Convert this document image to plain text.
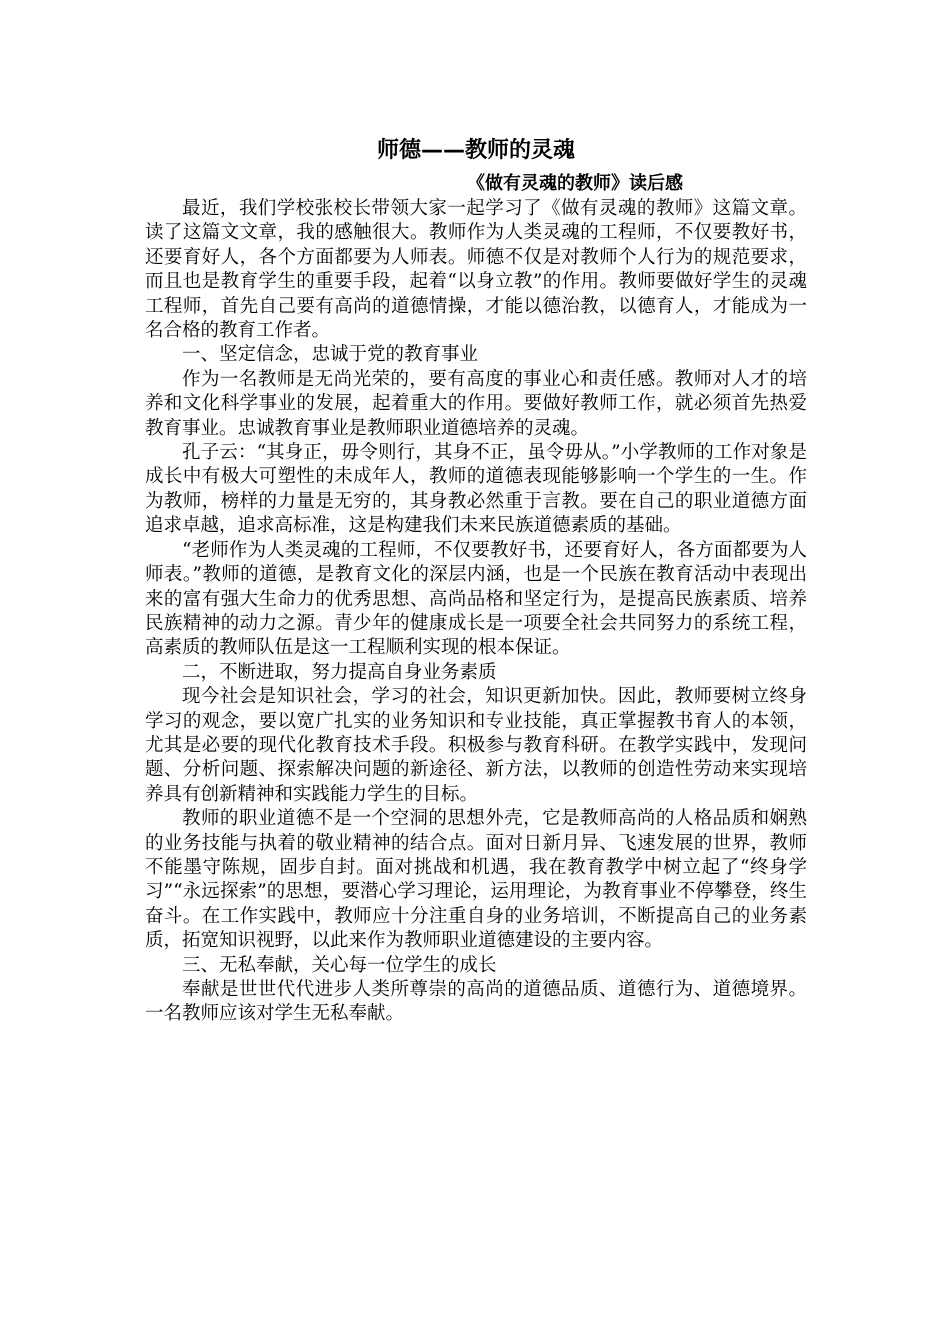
师德——教师的灵魂
《做有灵魂的教师》读后感

最近，我们学校张校长带领大家一起学习了《做有灵魂的教师》这篇文章。读了这篇文文章，我的感触很大。教师作为人类灵魂的工程师，不仅要教好书，还要育好人，各个方面都要为人师表。师德不仅是对教师个人行为的规范要求，而且也是教育学生的重要手段，起着“以身立教”的作用。教师要做好学生的灵魂工程师，首先自己要有高尚的道德情操，才能以德治教，以德育人，才能成为一名合格的教育工作者。

一、坚定信念，忠诚于党的教育事业

作为一名教师是无尚光荣的，要有高度的事业心和责任感。教师对人才的培养和文化科学事业的发展，起着重大的作用。要做好教师工作，就必须首先热爱教育事业。忠诚教育事业是教师职业道德培养的灵魂。

孔子云：“其身正，毋令则行，其身不正，虽令毋从。”小学教师的工作对象是成长中有极大可塑性的未成年人，教师的道德表现能够影响一个学生的一生。作为教师，榜样的力量是无穷的，其身教必然重于言教。要在自己的职业道德方面追求卓越，追求高标准，这是构建我们未来民族道德素质的基础。

“老师作为人类灵魂的工程师，不仅要教好书，还要育好人，各方面都要为人师表。”教师的道德，是教育文化的深层内涵，也是一个民族在教育活动中表现出来的富有强大生命力的优秀思想、高尚品格和坚定行为，是提高民族素质、培养民族精神的动力之源。青少年的健康成长是一项要全社会共同努力的系统工程，高素质的教师队伍是这一工程顺利实现的根本保证。

二，不断进取，努力提高自身业务素质

现今社会是知识社会，学习的社会，知识更新加快。因此，教师要树立终身学习的观念，要以宽广扎实的业务知识和专业技能，真正掌握教书育人的本领，尤其是必要的现代化教育技术手段。积极参与教育科研。在教学实践中，发现问题、分析问题、探索解决问题的新途径、新方法，以教师的创造性劳动来实现培养具有创新精神和实践能力学生的目标。

教师的职业道德不是一个空洞的思想外壳，它是教师高尚的人格品质和娴熟的业务技能与执着的敬业精神的结合点。面对日新月异、飞速发展的世界，教师不能墨守陈规，固步自封。面对挑战和机遇，我在教育教学中树立起了“终身学习”“永远探索”的思想，要潜心学习理论，运用理论，为教育事业不停攀登，终生奋斗。在工作实践中，教师应十分注重自身的业务培训，不断提高自己的业务素质，拓宽知识视野，以此来作为教师职业道德建设的主要内容。

三、无私奉献，关心每一位学生的成长

奉献是世世代代进步人类所尊崇的高尚的道德品质、道德行为、道德境界。一名教师应该对学生无私奉献。
